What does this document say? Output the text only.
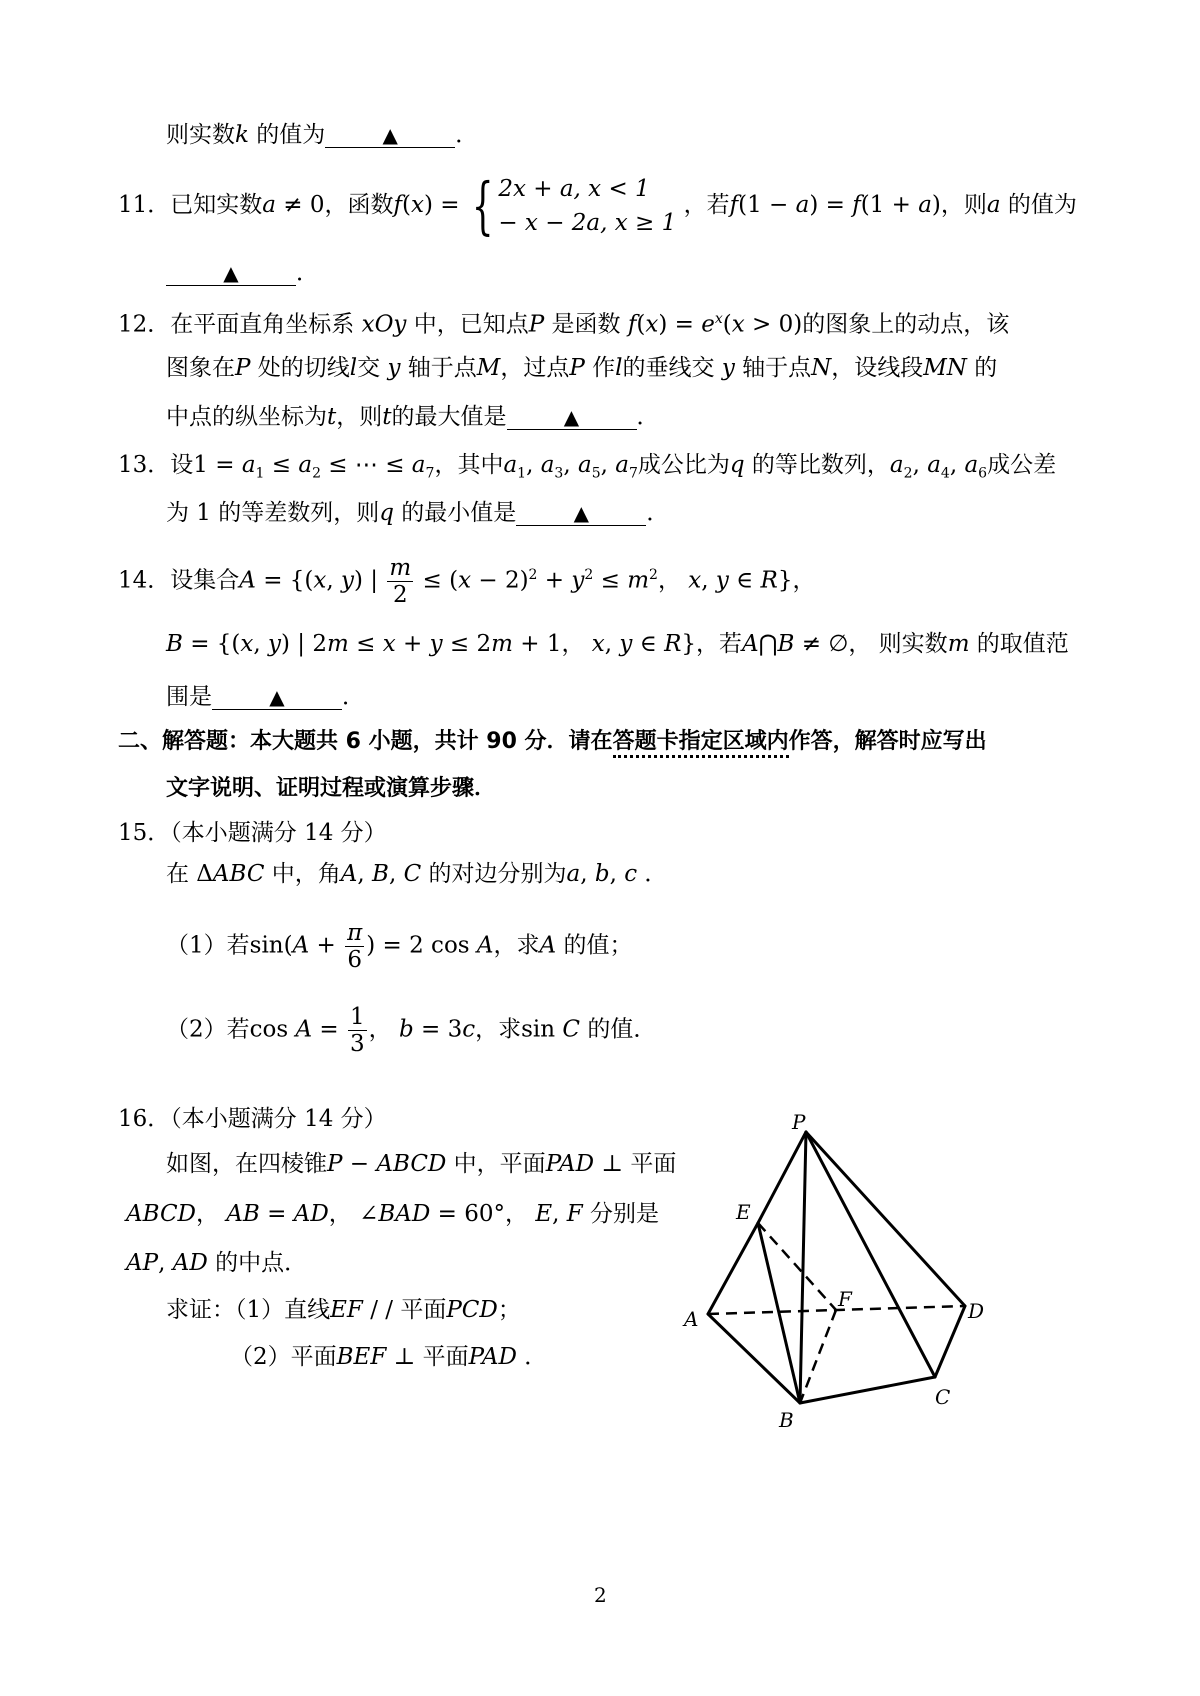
则实数k 的值为	▲ ．
11．已知实数a ≠ 0，函数f(x) = { 2x + a, x < 1
− x − 2a, x ≥ 1
，若f(1 − a) = f(1 + a)，则a 的值为
▲ ．
12．在平面直角坐标系 xOy 中，已知点P 是函数 $f(x) = e^x(x > 0)$的图象上的动点，该
图象在P 处的切线l交 y 轴于点M，过点P 作l的垂线交 y 轴于点N，设线段MN 的
中点的纵坐标为t，则t的最大值是	▲ ．
13．设$1 = a_1 \le a_2$ ≤ ⋯ ≤ $a_7$，其中$a_1$, $a_3$, $a_5$, $a_7$成公比为q 的等比数列，$a_2$, $a_4$, $a_6$成公差
为 1 的等差数列，则q 的最小值是	▲ ．
14．设集合A = {(x, y) | $\frac{m}{2} \le (x - 2)^2 + y^2 \le m^2$， x, y ∈ R}，
B = {(x, y) | 2m ≤ x + y ≤ 2m + 1， x, y ∈ R}，若A⋂B ≠ ∅， 则实数m 的取值范
围是	▲ ．
二、解答题：本大题共 6 小题，共计 90 分．请在答题卡指定区域内作答，解答时应写出
文字说明、证明过程或演算步骤．
15．（本小题满分 14 分）
在 ΔABC 中，角A, B, C 的对边分别为a, b, c ．
（1）若$\sin(A + \frac{\pi}{6}$ ) = 2 cos A，求A 的值；
（2）若$\cos A = \frac{1}{3}$ ， b = 3c，求sin C 的值．
16．（本小题满分 14 分）
如图，在四棱锥P − ABCD 中，平面PAD ⊥ 平面
ABCD， AB = AD， ∠BAD = 60°， E, F 分别是
AP, AD 的中点．
求证：（1）直线EF / / 平面PCD；
（2）平面BEF ⊥ 平面PAD ．
P
E
F
A	D
C
B
2
